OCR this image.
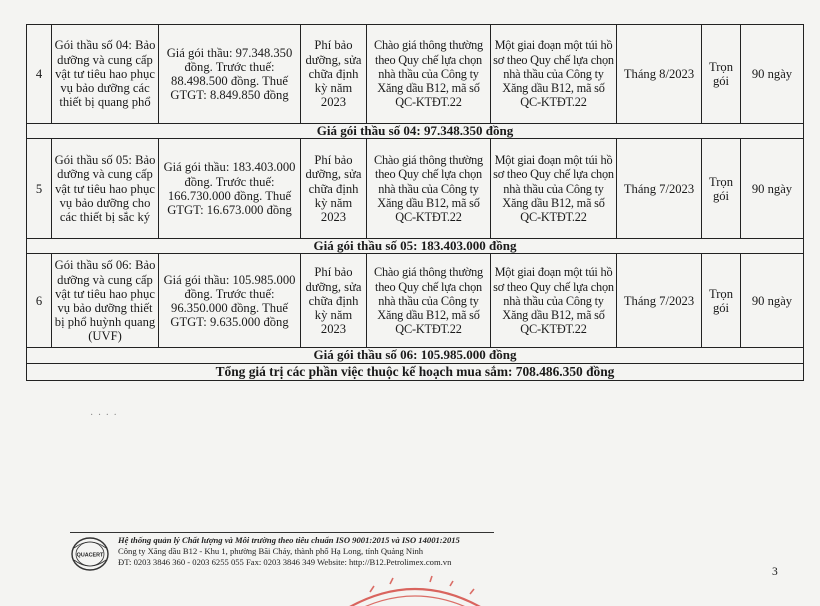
4	Gói thầu số 04: Bảo dưỡng và cung cấp vật tư tiêu hao phục vụ bảo dưỡng các thiết bị quang phổ	Giá gói thầu: 97.348.350 đồng. Trước thuế: 88.498.500 đồng. Thuế GTGT: 8.849.850 đồng	Phí bảo dưỡng, sửa chữa định kỳ năm 2023	Chào giá thông thường theo Quy chế lựa chọn nhà thầu của Công ty Xăng dầu B12, mã số QC-KTĐT.22	Một giai đoạn một túi hồ sơ theo Quy chế lựa chọn nhà thầu của Công ty Xăng dầu B12, mã số QC-KTĐT.22	Tháng 8/2023	Trọn gói	90 ngày
Giá gói thầu số 04: 97.348.350 đồng								
5	Gói thầu số 05: Bảo dưỡng và cung cấp vật tư tiêu hao phục vụ bảo dưỡng cho các thiết bị sắc ký	Giá gói thầu: 183.403.000 đồng. Trước thuế: 166.730.000 đồng. Thuế GTGT: 16.673.000 đồng	Phí bảo dưỡng, sửa chữa định kỳ năm 2023	Chào giá thông thường theo Quy chế lựa chọn nhà thầu của Công ty Xăng dầu B12, mã số QC-KTĐT.22	Một giai đoạn một túi hồ sơ theo Quy chế lựa chọn nhà thầu của Công ty Xăng dầu B12, mã số QC-KTĐT.22	Tháng 7/2023	Trọn gói	90 ngày
Giá gói thầu số 05: 183.403.000 đồng								
6	Gói thầu số 06: Bảo dưỡng và cung cấp vật tư tiêu hao phục vụ bảo dưỡng thiết bị phổ huỳnh quang (UVF)	Giá gói thầu: 105.985.000 đồng. Trước thuế: 96.350.000 đồng. Thuế GTGT: 9.635.000 đồng	Phí bảo dưỡng, sửa chữa định kỳ năm 2023	Chào giá thông thường theo Quy chế lựa chọn nhà thầu của Công ty Xăng dầu B12, mã số QC-KTĐT.22	Một giai đoạn một túi hồ sơ theo Quy chế lựa chọn nhà thầu của Công ty Xăng dầu B12, mã số QC-KTĐT.22	Tháng 7/2023	Trọn gói	90 ngày
Giá gói thầu số 06: 105.985.000 đồng								
Tổng giá trị các phần việc thuộc kế hoạch mua sắm: 708.486.350 đồng								
· · · ·
QUACERT
Hệ thống quản lý Chất lượng và Môi trường theo tiêu chuẩn ISO 9001:2015 và ISO 14001:2015
Công ty Xăng dầu B12 - Khu 1, phường Bãi Cháy, thành phố Hạ Long, tỉnh Quảng Ninh
ĐT: 0203 3846 360 - 0203 6255 055 Fax: 0203 3846 349 Website: http://B12.Petrolimex.com.vn
3
